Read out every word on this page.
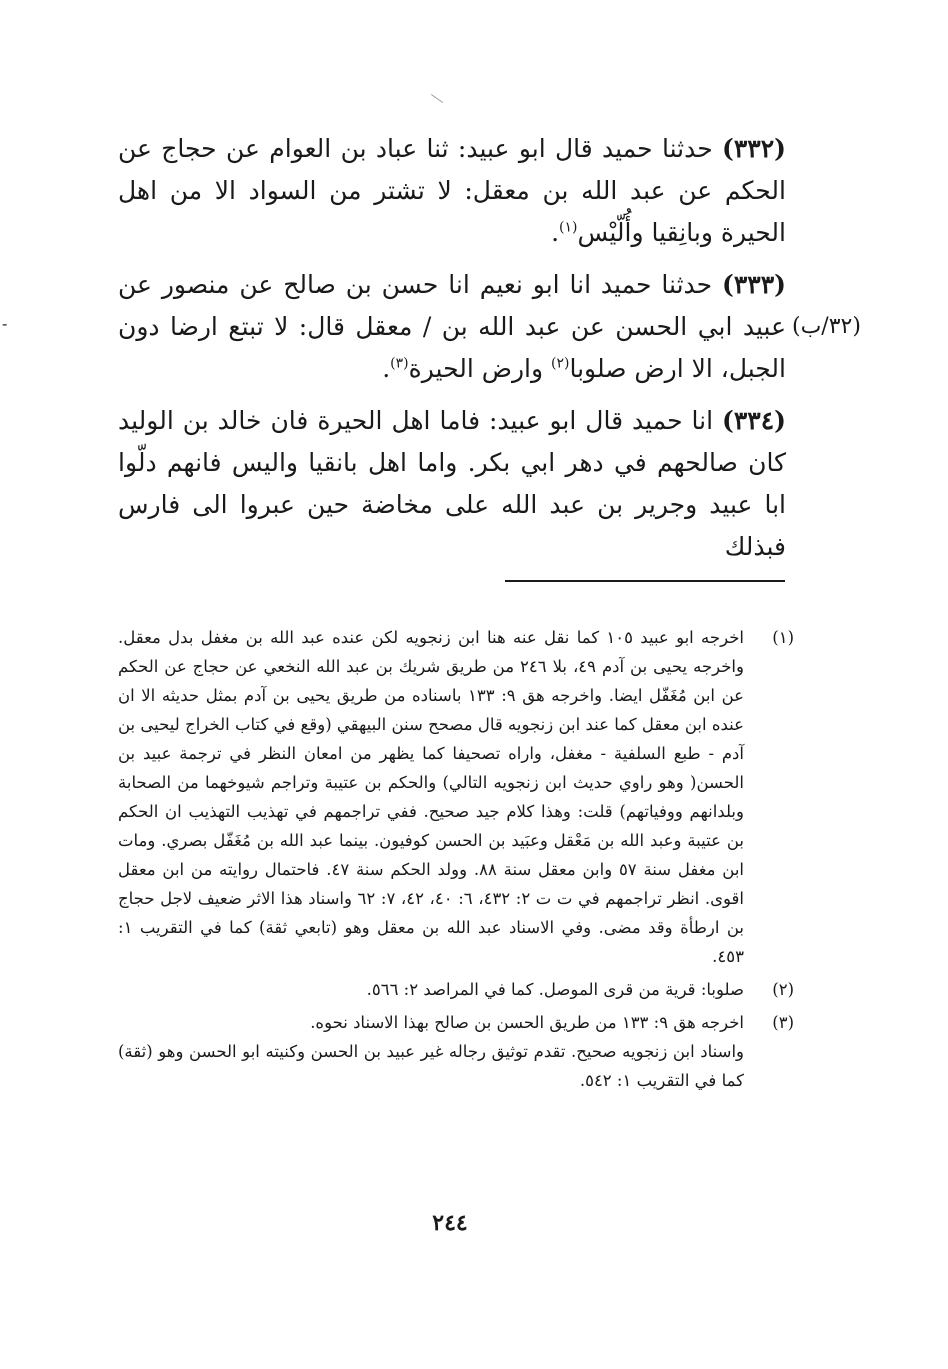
-

(٣٣٢) حدثنا حميد قال ابو عبيد: ثنا عباد بن العوام عن حجاج عن الحكم عن عبد الله بن معقل: لا تشتر من السواد الا من اهل الحيرة وبانِقيا وأُلّيْس$^{(١)}$.

(٣٣٣) حدثنا حميد انا ابو نعيم انا حسن بن صالح عن منصور عن عبيد ابي الحسن عن عبد الله بن / معقل قال: لا تبتع ارضا دون الجبل، الا ارض صلوبا$^{(٢)}$ وارض الحيرة$^{(٣)}$.

(٣٣٤) انا حميد قال ابو عبيد: فاما اهل الحيرة فان خالد بن الوليد كان صالحهم في دهر ابي بكر. واما اهل بانقيا واليس فانهم دلّوا ابا عبيد وجرير بن عبد الله على مخاضة حين عبروا الى فارس فبذلك

(٣٢/ب)
(١)
اخرجه ابو عبيد ١٠٥ كما نقل عنه هنا ابن زنجويه لكن عنده عبد الله بن مغفل بدل معقل. واخرجه يحيى بن آدم ٤٩، بلا ٢٤٦ من طريق شريك بن عبد الله النخعي عن حجاج عن الحكم عن ابن مُغَفّل ايضا. واخرجه هق ٩: ١٣٣ باسناده من طريق يحيى بن آدم بمثل حديثه الا ان عنده ابن معقل كما عند ابن زنجويه قال مصحح سنن البيهقي (وقع في كتاب الخراج ليحيى بن آدم - طبع السلفية - مغفل، واراه تصحيفا كما يظهر من امعان النظر في ترجمة عبيد بن الحسن( وهو راوي حديث ابن زنجويه التالي) والحكم بن عتيبة وتراجم شيوخهما من الصحابة وبلدانهم ووفياتهم) قلت: وهذا كلام جيد صحيح. ففي تراجمهم في تهذيب التهذيب ان الحكم بن عتيبة وعبد الله بن مَعْقل وعبَيد بن الحسن كوفيون. بينما عبد الله بن مُغَفّل بصري. ومات ابن مغفل سنة ٥٧ وابن معقل سنة ٨٨. وولد الحكم سنة ٤٧. فاحتمال روايته من ابن معقل اقوى. انظر تراجمهم في ت ت ٢: ٤٣٢، ٦: ٤٠، ٤٢، ٧: ٦٢ واسناد هذا الاثر ضعيف لاجل حجاج بن ارطأة وقد مضى. وفي الاسناد عبد الله بن معقل وهو (تابعي ثقة) كما في التقريب ١: ٤٥٣.
(٢)
صلوبا: قرية من قرى الموصل. كما في المراصد ٢: ٥٦٦.
(٣)
اخرجه هق ٩: ١٣٣ من طريق الحسن بن صالح بهذا الاسناد نحوه.
واسناد ابن زنجويه صحيح. تقدم توثيق رجاله غير عبيد بن الحسن وكنيته ابو الحسن وهو (ثقة) كما في التقريب ١: ٥٤٢.
٢٤٤
